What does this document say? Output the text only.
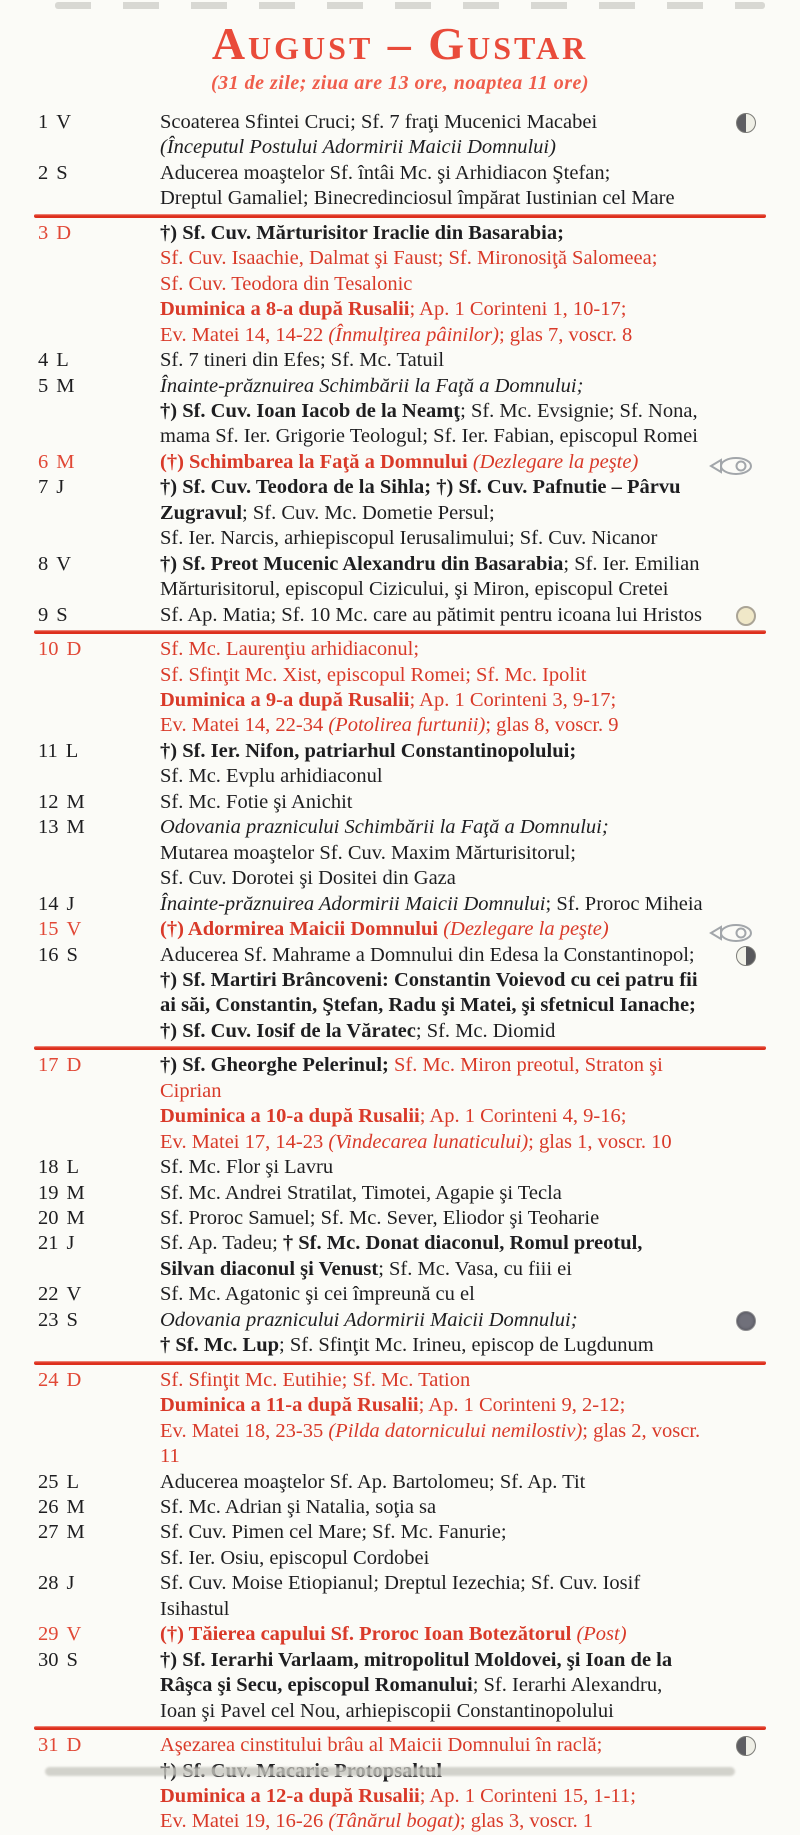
August – Gustar
(31 de zile; ziua are 13 ore, noaptea 11 ore)
1 V	Scoaterea Sfintei Cruci; Sf. 7 fraţi Mucenici Macabei
(Începutul Postului Adormirii Maicii Domnului)
2 S	Aducerea moaştelor Sf. întâi Mc. şi Arhidiacon Ştefan;
Dreptul Gamaliel; Binecredinciosul împărat Iustinian cel Mare
3 D	†) Sf. Cuv. Mărturisitor Iraclie din Basarabia;
Sf. Cuv. Isaachie, Dalmat şi Faust; Sf. Mironosiţă Salomeea;
Sf. Cuv. Teodora din Tesalonic
Duminica a 8-a după Rusalii; Ap. 1 Corinteni 1, 10-17;
Ev. Matei 14, 14-22 (Înmulţirea pâinilor); glas 7, voscr. 8
4 L	Sf. 7 tineri din Efes; Sf. Mc. Tatuil
5 M	Înainte-prăznuirea Schimbării la Faţă a Domnului;
†) Sf. Cuv. Ioan Iacob de la Neamţ; Sf. Mc. Evsignie; Sf. Nona,
mama Sf. Ier. Grigorie Teologul; Sf. Ier. Fabian, episcopul Romei
6 M	(†) Schimbarea la Faţă a Domnului (Dezlegare la peşte)
7 J	†) Sf. Cuv. Teodora de la Sihla; †) Sf. Cuv. Pafnutie – Pârvu
Zugravul; Sf. Cuv. Mc. Dometie Persul;
Sf. Ier. Narcis, arhiepiscopul Ierusalimului; Sf. Cuv. Nicanor
8 V	†) Sf. Preot Mucenic Alexandru din Basarabia; Sf. Ier. Emilian
Mărturisitorul, episcopul Cizicului, şi Miron, episcopul Cretei
9 S	Sf. Ap. Matia; Sf. 10 Mc. care au pătimit pentru icoana lui Hristos
10 D	Sf. Mc. Laurenţiu arhidiaconul;
Sf. Sfinţit Mc. Xist, episcopul Romei; Sf. Mc. Ipolit
Duminica a 9-a după Rusalii; Ap. 1 Corinteni 3, 9-17;
Ev. Matei 14, 22-34 (Potolirea furtunii); glas 8, voscr. 9
11 L	†) Sf. Ier. Nifon, patriarhul Constantinopolului;
Sf. Mc. Evplu arhidiaconul
12 M	Sf. Mc. Fotie şi Anichit
13 M	Odovania praznicului Schimbării la Faţă a Domnului;
Mutarea moaştelor Sf. Cuv. Maxim Mărturisitorul;
Sf. Cuv. Dorotei şi Dositei din Gaza
14 J	Înainte-prăznuirea Adormirii Maicii Domnului; Sf. Proroc Miheia
15 V	(†) Adormirea Maicii Domnului (Dezlegare la peşte)
16 S	Aducerea Sf. Mahrame a Domnului din Edesa la Constantinopol;
†) Sf. Martiri Brâncoveni: Constantin Voievod cu cei patru fii
ai săi, Constantin, Ştefan, Radu şi Matei, şi sfetnicul Ianache;
†) Sf. Cuv. Iosif de la Văratec; Sf. Mc. Diomid
17 D	†) Sf. Gheorghe Pelerinul; Sf. Mc. Miron preotul, Straton şi Ciprian
Duminica a 10-a după Rusalii; Ap. 1 Corinteni 4, 9-16;
Ev. Matei 17, 14-23 (Vindecarea lunaticului); glas 1, voscr. 10
18 L	Sf. Mc. Flor şi Lavru
19 M	Sf. Mc. Andrei Stratilat, Timotei, Agapie şi Tecla
20 M	Sf. Proroc Samuel; Sf. Mc. Sever, Eliodor şi Teoharie
21 J	Sf. Ap. Tadeu; † Sf. Mc. Donat diaconul, Romul preotul,
Silvan diaconul şi Venust; Sf. Mc. Vasa, cu fiii ei
22 V	Sf. Mc. Agatonic şi cei împreună cu el
23 S	Odovania praznicului Adormirii Maicii Domnului;
† Sf. Mc. Lup; Sf. Sfinţit Mc. Irineu, episcop de Lugdunum
24 D	Sf. Sfinţit Mc. Eutihie; Sf. Mc. Tation
Duminica a 11-a după Rusalii; Ap. 1 Corinteni 9, 2-12;
Ev. Matei 18, 23-35 (Pilda datornicului nemilostiv); glas 2, voscr. 11
25 L	Aducerea moaştelor Sf. Ap. Bartolomeu; Sf. Ap. Tit
26 M	Sf. Mc. Adrian şi Natalia, soţia sa
27 M	Sf. Cuv. Pimen cel Mare; Sf. Mc. Fanurie;
Sf. Ier. Osiu, episcopul Cordobei
28 J	Sf. Cuv. Moise Etiopianul; Dreptul Iezechia; Sf. Cuv. Iosif Isihastul
29 V	(†) Tăierea capului Sf. Proroc Ioan Botezătorul (Post)
30 S	†) Sf. Ierarhi Varlaam, mitropolitul Moldovei, şi Ioan de la
Râşca şi Secu, episcopul Romanului; Sf. Ierarhi Alexandru,
Ioan şi Pavel cel Nou, arhiepiscopii Constantinopolului
31 D	Aşezarea cinstitului brâu al Maicii Domnului în raclă;
Duminica a 12-a după Rusalii; Ap. 1 Corinteni 15, 1-11;
Ev. Matei 19, 16-26 (Tânărul bogat); glas 3, voscr. 1
